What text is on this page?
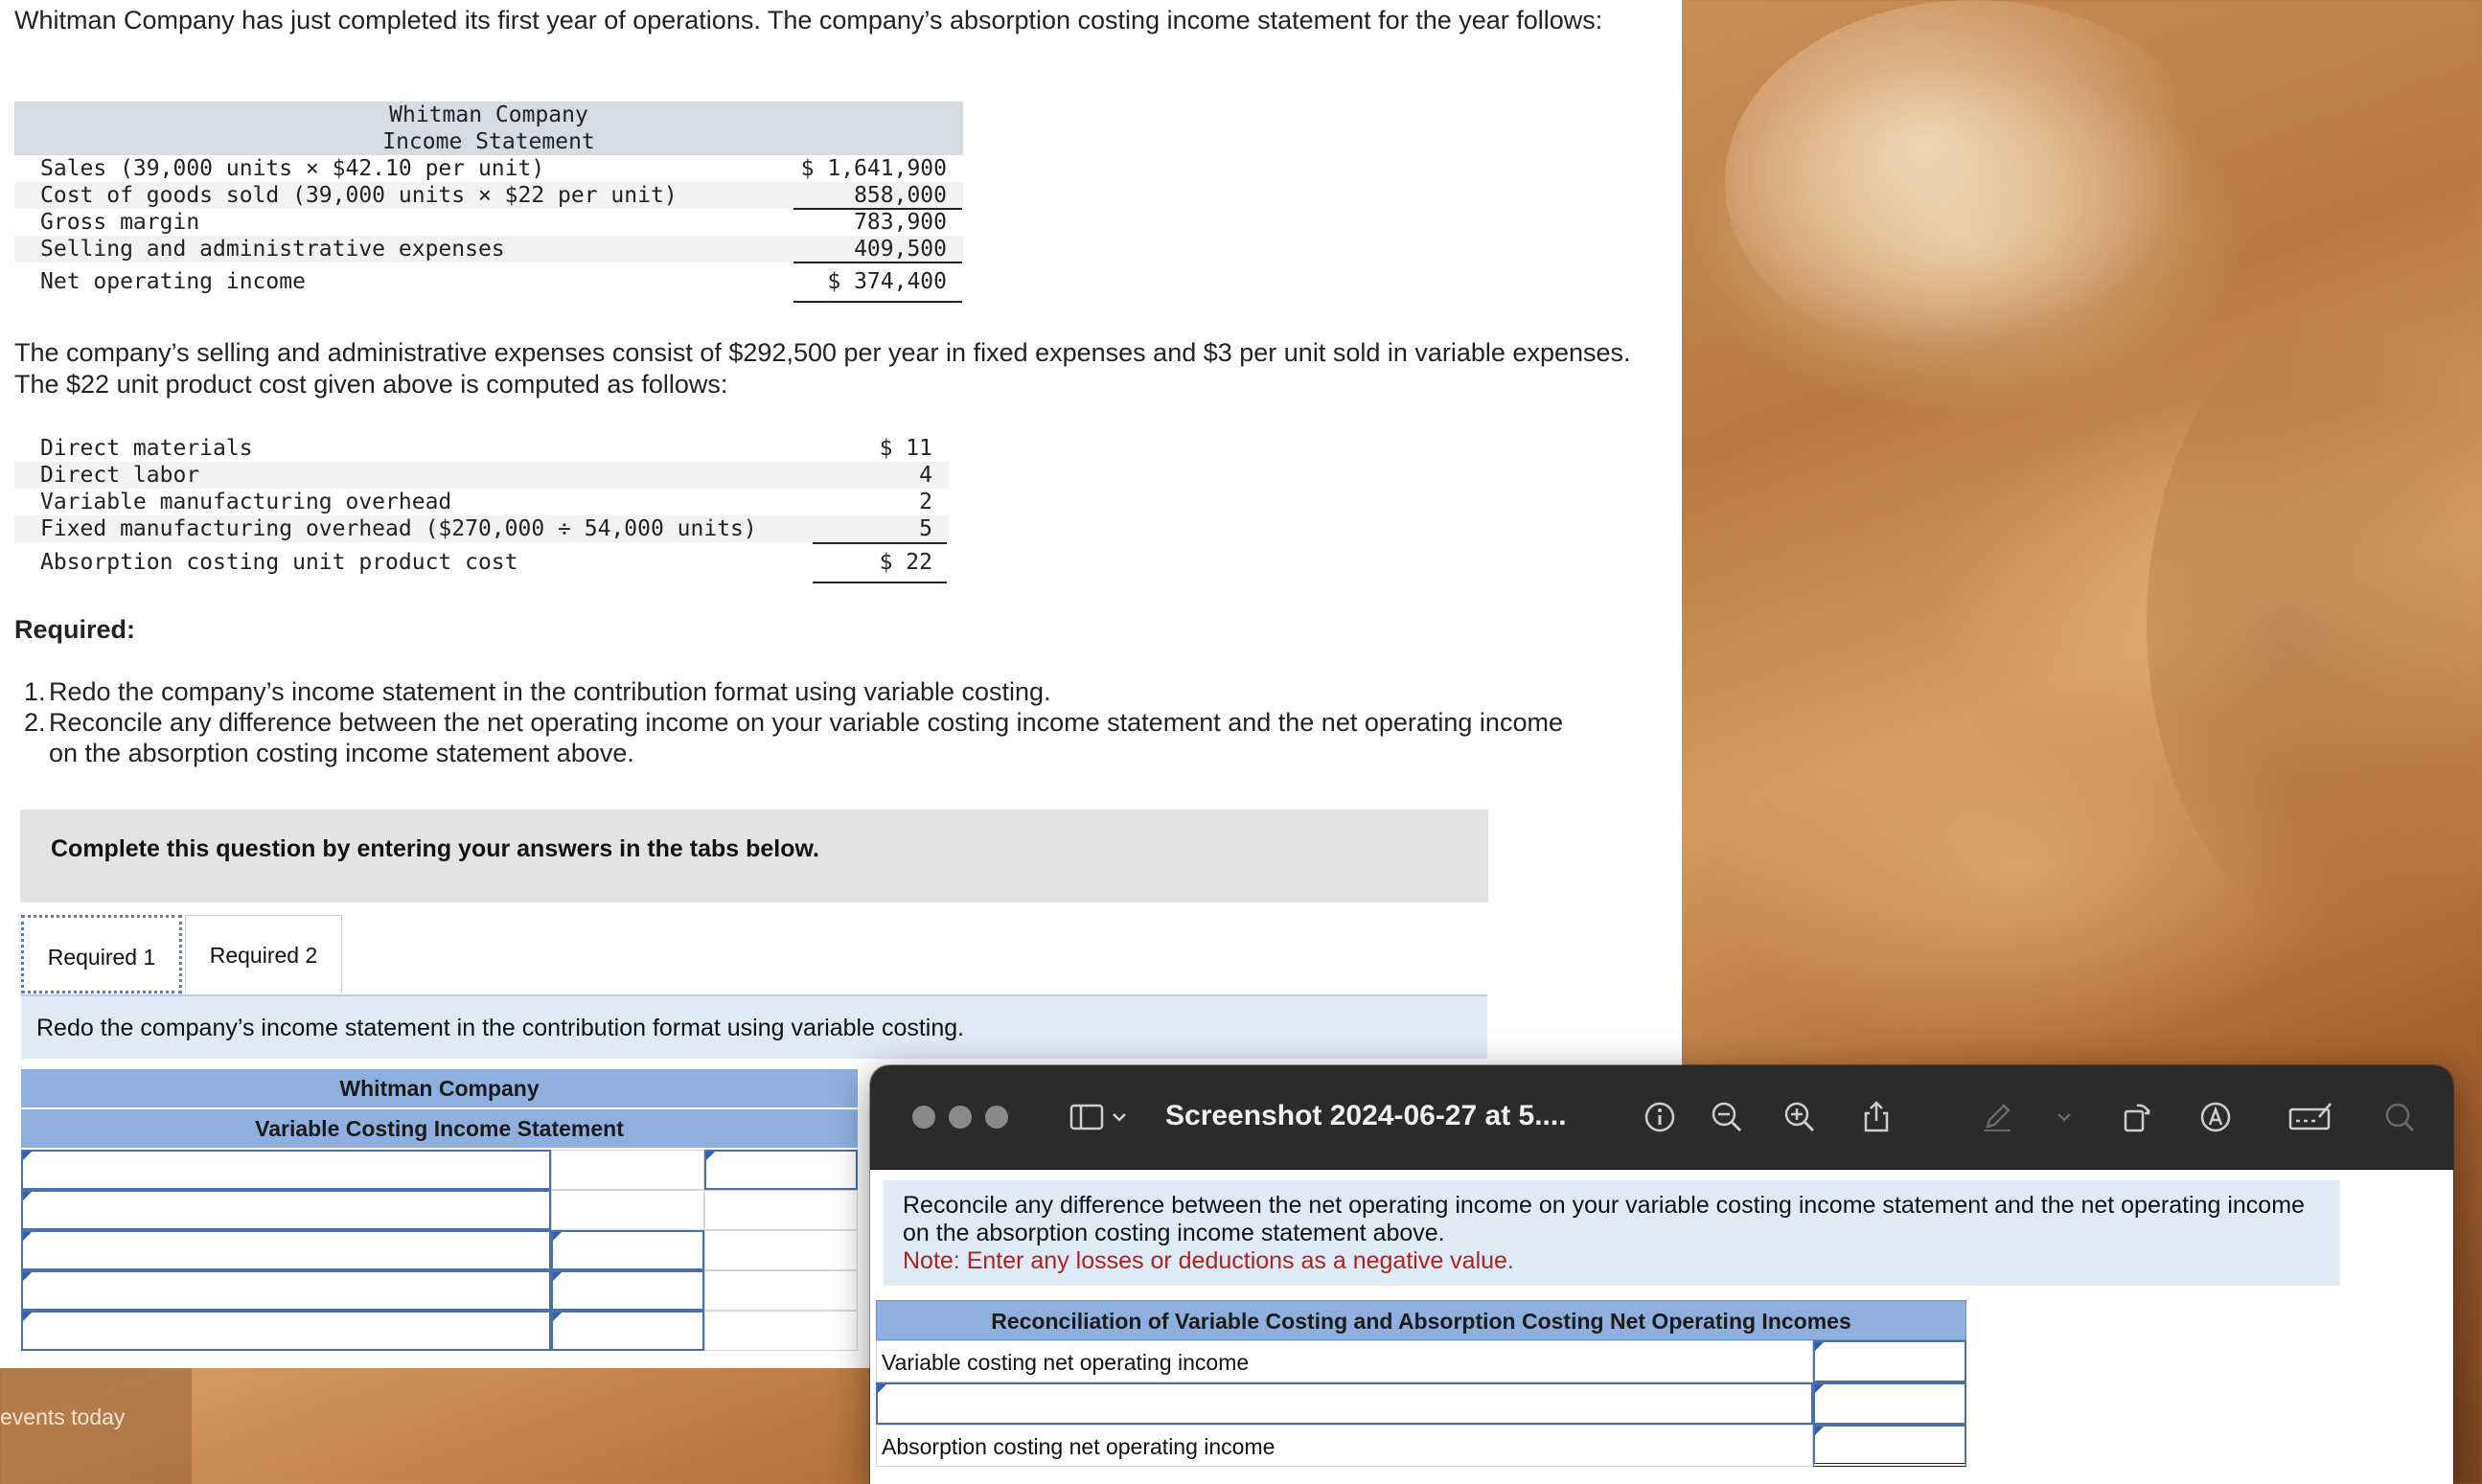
events today

Whitman Company has just completed its first year of operations. The company’s absorption costing income statement for the year follows:

Whitman Company
Income Statement
Sales (39,000 units × $42.10 per unit)	$ 1,641,900
Cost of goods sold (39,000 units × $22 per unit)	858,000
Gross margin	783,900
Selling and administrative expenses	409,500
Net operating income	$ 374,400

The company’s selling and administrative expenses consist of $292,500 per year in fixed expenses and $3 per unit sold in variable expenses. The $22 unit product cost given above is computed as follows:

Direct materials	$ 11
Direct labor	4
Variable manufacturing overhead	2
Fixed manufacturing overhead ($270,000 ÷ 54,000 units)	5
Absorption costing unit product cost	$ 22
Required:
1. Redo the company’s income statement in the contribution format using variable costing.
2. Reconcile any difference between the net operating income on your variable costing income statement and the net operating income on the absorption costing income statement above.
Complete this question by entering your answers in the tabs below.
Required 1	Required 2
Redo the company’s income statement in the contribution format using variable costing.
Whitman Company
Variable Costing Income Statement	Screenshot 2024-06-27 at 5....
Reconcile any difference between the net operating income on your variable costing income statement and the net operating income on the absorption costing income statement above.
Note: Enter any losses or deductions as a negative value.
Reconciliation of Variable Costing and Absorption Costing Net Operating Incomes
Variable costing net operating income
Absorption costing net operating income
